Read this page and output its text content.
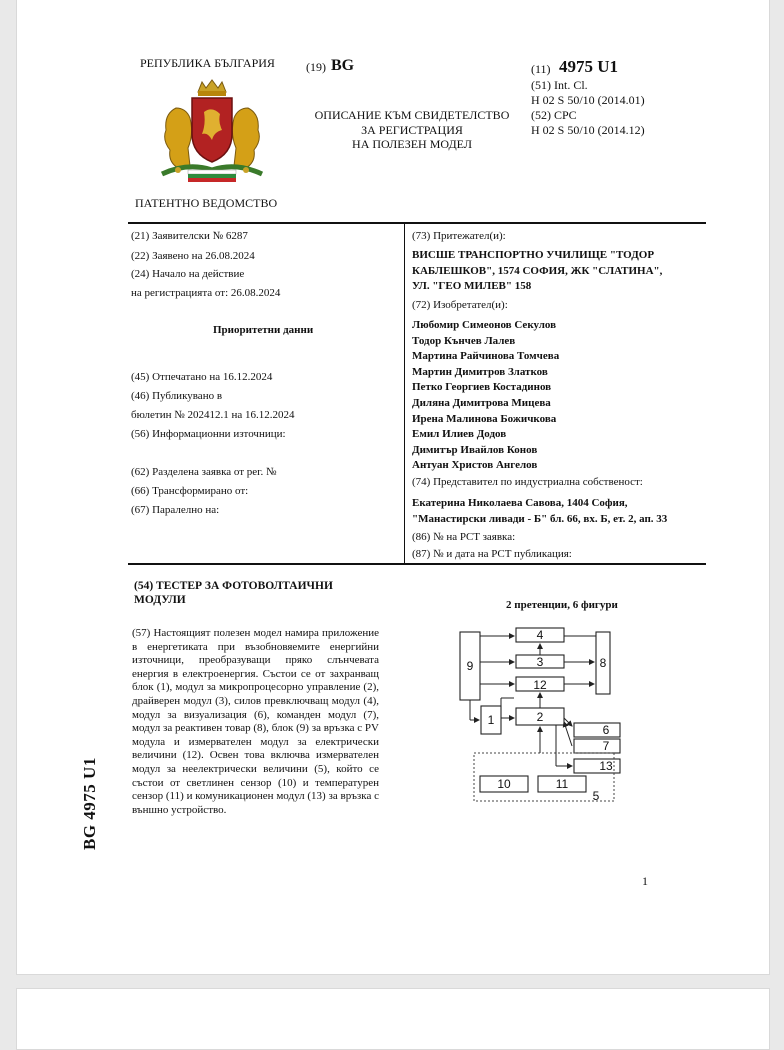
РЕПУБЛИКА БЪЛГАРИЯ
ПАТЕНТНО ВЕДОМСТВО
(19) BG
ОПИСАНИЕ КЪМ СВИДЕТЕЛСТВО
ЗА РЕГИСТРАЦИЯ
НА ПОЛЕЗЕН МОДЕЛ
(11) 4975 U1
(51) Int. Cl.
H 02 S 50/10 (2014.01)
(52) CPC
H 02 S 50/10 (2014.12)
(21) Заявителски № 6287
(22) Заявено на 26.08.2024
(24) Начало на действие
на регистрацията от: 26.08.2024
Приоритетни данни
(45) Отпечатано на 16.12.2024
(46) Публикувано в
бюлетин № 202412.1 на 16.12.2024
(56) Информационни източници:
(62) Разделена заявка от рег. №
(66) Трансформирано от:
(67) Паралелно на:
(73) Притежател(и):
ВИСШЕ ТРАНСПОРТНО УЧИЛИЩЕ "ТОДОР
КАБЛЕШКОВ", 1574 СОФИЯ, ЖК "СЛАТИНА",
УЛ. "ГЕО МИЛЕВ" 158
(72) Изобретател(и):
Любомир Симеонов Секулов
Тодор Кънчев Лалев
Мартина Райчинова Томчева
Мартин Димитров Златков
Петко Георгиев Костадинов
Диляна Димитрова Мицева
Ирена Малинова Божичкова
Емил Илиев Додов
Димитър Ивайлов Конов
Антуан Христов Ангелов
(74) Представител по индустриална собственост:
Екатерина Николаева Савова, 1404 София,
"Манастирски ливади - Б" бл. 66, вх. Б, ет. 2, ап. 33
(86) № на PCT заявка:
(87) № и дата на PCT публикация:
(54) ТЕСТЕР ЗА ФОТОВОЛТАИЧНИ
МОДУЛИ	2 претенции, 6 фигури
(57) Настоящият полезен модел намира приложение в енергетиката при възобновяемите енергийни източници, преобразуващи пряко слънчевата енергия в електроенергия. Състои се от захранващ блок (1), модул за микропроцесорно управление (2), драйверен модул (3), силов превключващ модул (4), модул за визуализация (6), команден модул (7), модул за реактивен товар (8), блок (9) за връзка с PV модула и измервателен модул за електрически величини (12). Освен това включва измервателен модул за неелектрически величини (5), който се състои от светлинен сензор (10) и температурен сензор (11) и комуникационен модул (13) за връзка с външно устройство.
9
4
3
12
8
1	2
6
7
13
10	11
5
BG 4975 U1
1
